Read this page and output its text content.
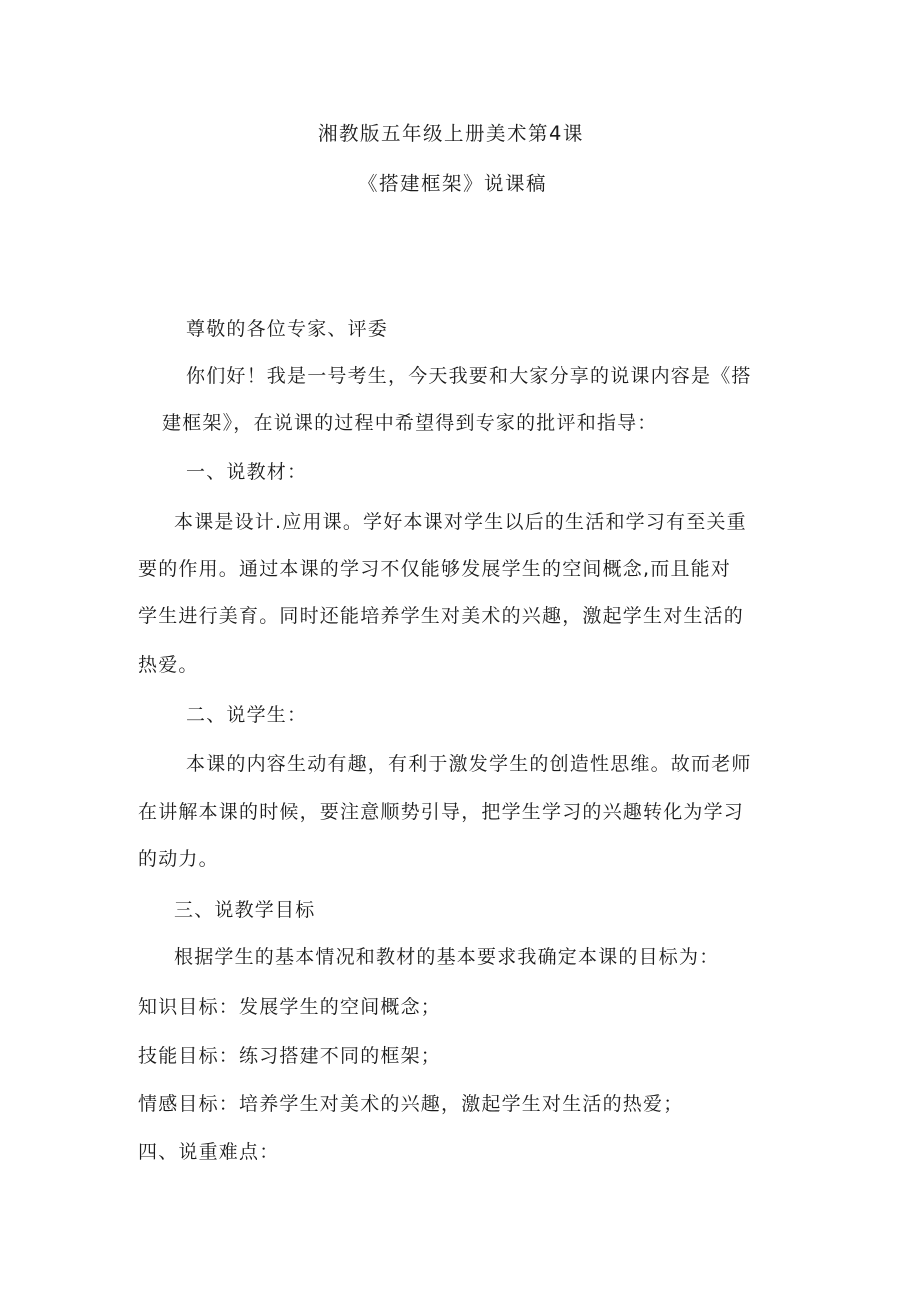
湘教版五年级上册美术第4课
《搭建框架》说课稿
尊敬的各位专家、评委
你们好！我是一号考生，今天我要和大家分享的说课内容是《搭
建框架》，在说课的过程中希望得到专家的批评和指导：
一、说教材：
本课是设计.应用课。学好本课对学生以后的生活和学习有至关重
要的作用。通过本课的学习不仅能够发展学生的空间概念,而且能对
学生进行美育。同时还能培养学生对美术的兴趣，激起学生对生活的
热爱。
二、说学生：
本课的内容生动有趣，有利于激发学生的创造性思维。故而老师
在讲解本课的时候，要注意顺势引导，把学生学习的兴趣转化为学习
的动力。
三、说教学目标
根据学生的基本情况和教材的基本要求我确定本课的目标为：
知识目标：发展学生的空间概念；
技能目标：练习搭建不同的框架；
情感目标：培养学生对美术的兴趣，激起学生对生活的热爱；
四、说重难点：
